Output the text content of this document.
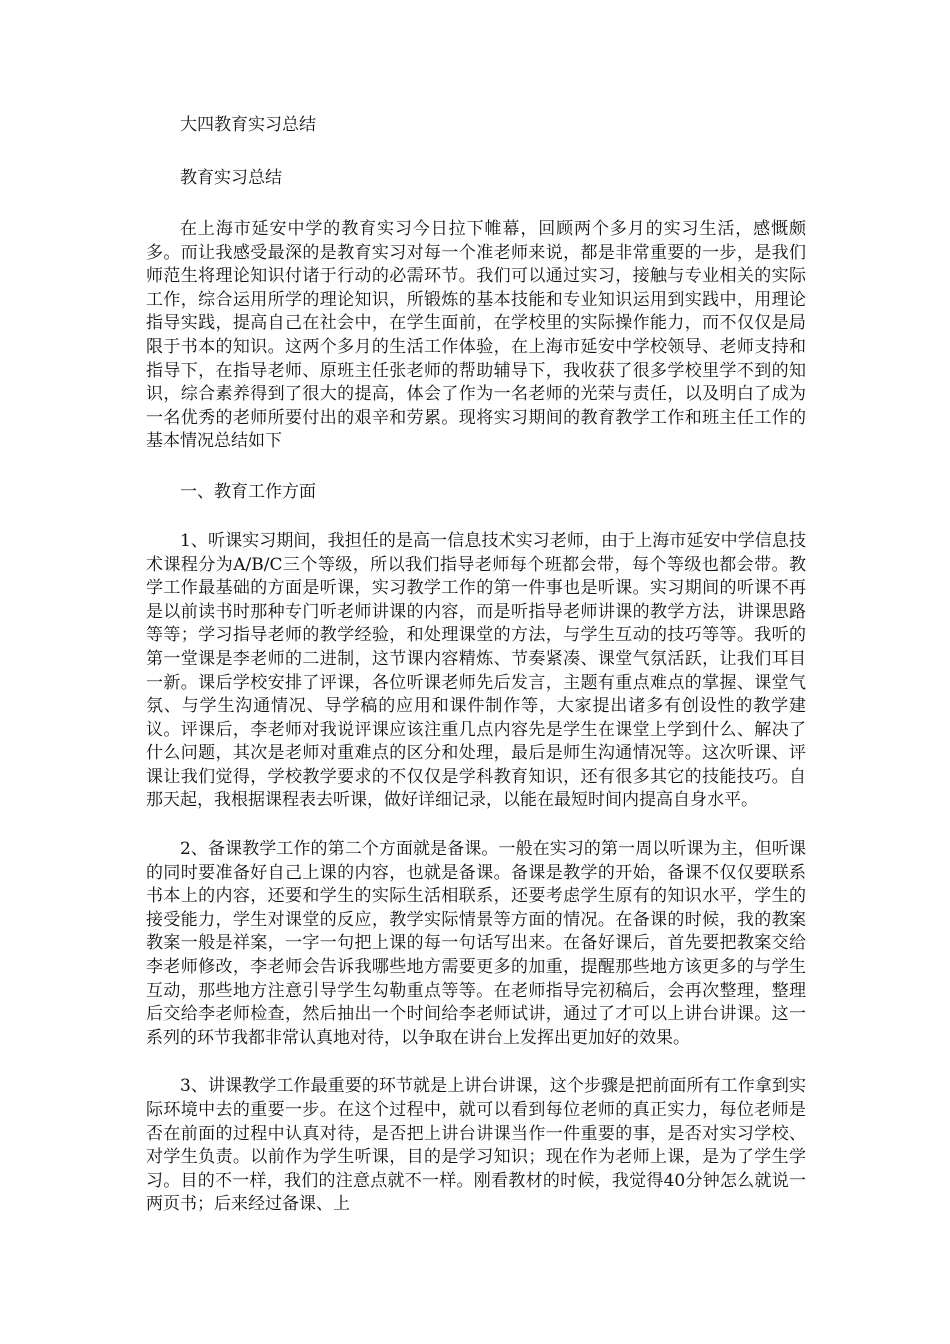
大四教育实习总结

教育实习总结

在上海市延安中学的教育实习今日拉下帷幕，回顾两个多月的实习生活，感慨颇多。而让我感受最深的是教育实习对每一个准老师来说，都是非常重要的一步，是我们师范生将理论知识付诸于行动的必需环节。我们可以通过实习，接触与专业相关的实际工作，综合运用所学的理论知识，所锻炼的基本技能和专业知识运用到实践中，用理论指导实践，提高自己在社会中，在学生面前，在学校里的实际操作能力，而不仅仅是局限于书本的知识。这两个多月的生活工作体验，在上海市延安中学校领导、老师支持和指导下，在指导老师、原班主任张老师的帮助辅导下，我收获了很多学校里学不到的知识，综合素养得到了很大的提高，体会了作为一名老师的光荣与责任，以及明白了成为一名优秀的老师所要付出的艰辛和劳累。现将实习期间的教育教学工作和班主任工作的基本情况总结如下

一、教育工作方面

1、听课实习期间，我担任的是高一信息技术实习老师，由于上海市延安中学信息技术课程分为A/B/C三个等级，所以我们指导老师每个班都会带，每个等级也都会带。教学工作最基础的方面是听课，实习教学工作的第一件事也是听课。实习期间的听课不再是以前读书时那种专门听老师讲课的内容，而是听指导老师讲课的教学方法，讲课思路等等；学习指导老师的教学经验，和处理课堂的方法，与学生互动的技巧等等。我听的第一堂课是李老师的二进制，这节课内容精炼、节奏紧凑、课堂气氛活跃，让我们耳目一新。课后学校安排了评课，各位听课老师先后发言，主题有重点难点的掌握、课堂气氛、与学生沟通情况、导学稿的应用和课件制作等，大家提出诸多有创设性的教学建议。评课后，李老师对我说评课应该注重几点内容先是学生在课堂上学到什么、解决了什么问题，其次是老师对重难点的区分和处理，最后是师生沟通情况等。这次听课、评课让我们觉得，学校教学要求的不仅仅是学科教育知识，还有很多其它的技能技巧。自那天起，我根据课程表去听课，做好详细记录，以能在最短时间内提高自身水平。

2、备课教学工作的第二个方面就是备课。一般在实习的第一周以听课为主，但听课的同时要准备好自己上课的内容，也就是备课。备课是教学的开始，备课不仅仅要联系书本上的内容，还要和学生的实际生活相联系，还要考虑学生原有的知识水平，学生的接受能力，学生对课堂的反应，教学实际情景等方面的情况。在备课的时候，我的教案教案一般是祥案，一字一句把上课的每一句话写出来。在备好课后，首先要把教案交给李老师修改，李老师会告诉我哪些地方需要更多的加重，提醒那些地方该更多的与学生互动，那些地方注意引导学生勾勒重点等等。在老师指导完初稿后，会再次整理，整理后交给李老师检查，然后抽出一个时间给李老师试讲，通过了才可以上讲台讲课。这一系列的环节我都非常认真地对待，以争取在讲台上发挥出更加好的效果。

3、讲课教学工作最重要的环节就是上讲台讲课，这个步骤是把前面所有工作拿到实际环境中去的重要一步。在这个过程中，就可以看到每位老师的真正实力，每位老师是否在前面的过程中认真对待，是否把上讲台讲课当作一件重要的事，是否对实习学校、对学生负责。以前作为学生听课，目的是学习知识；现在作为老师上课，是为了学生学习。目的不一样，我们的注意点就不一样。刚看教材的时候，我觉得40分钟怎么就说一两页书；后来经过备课、上
